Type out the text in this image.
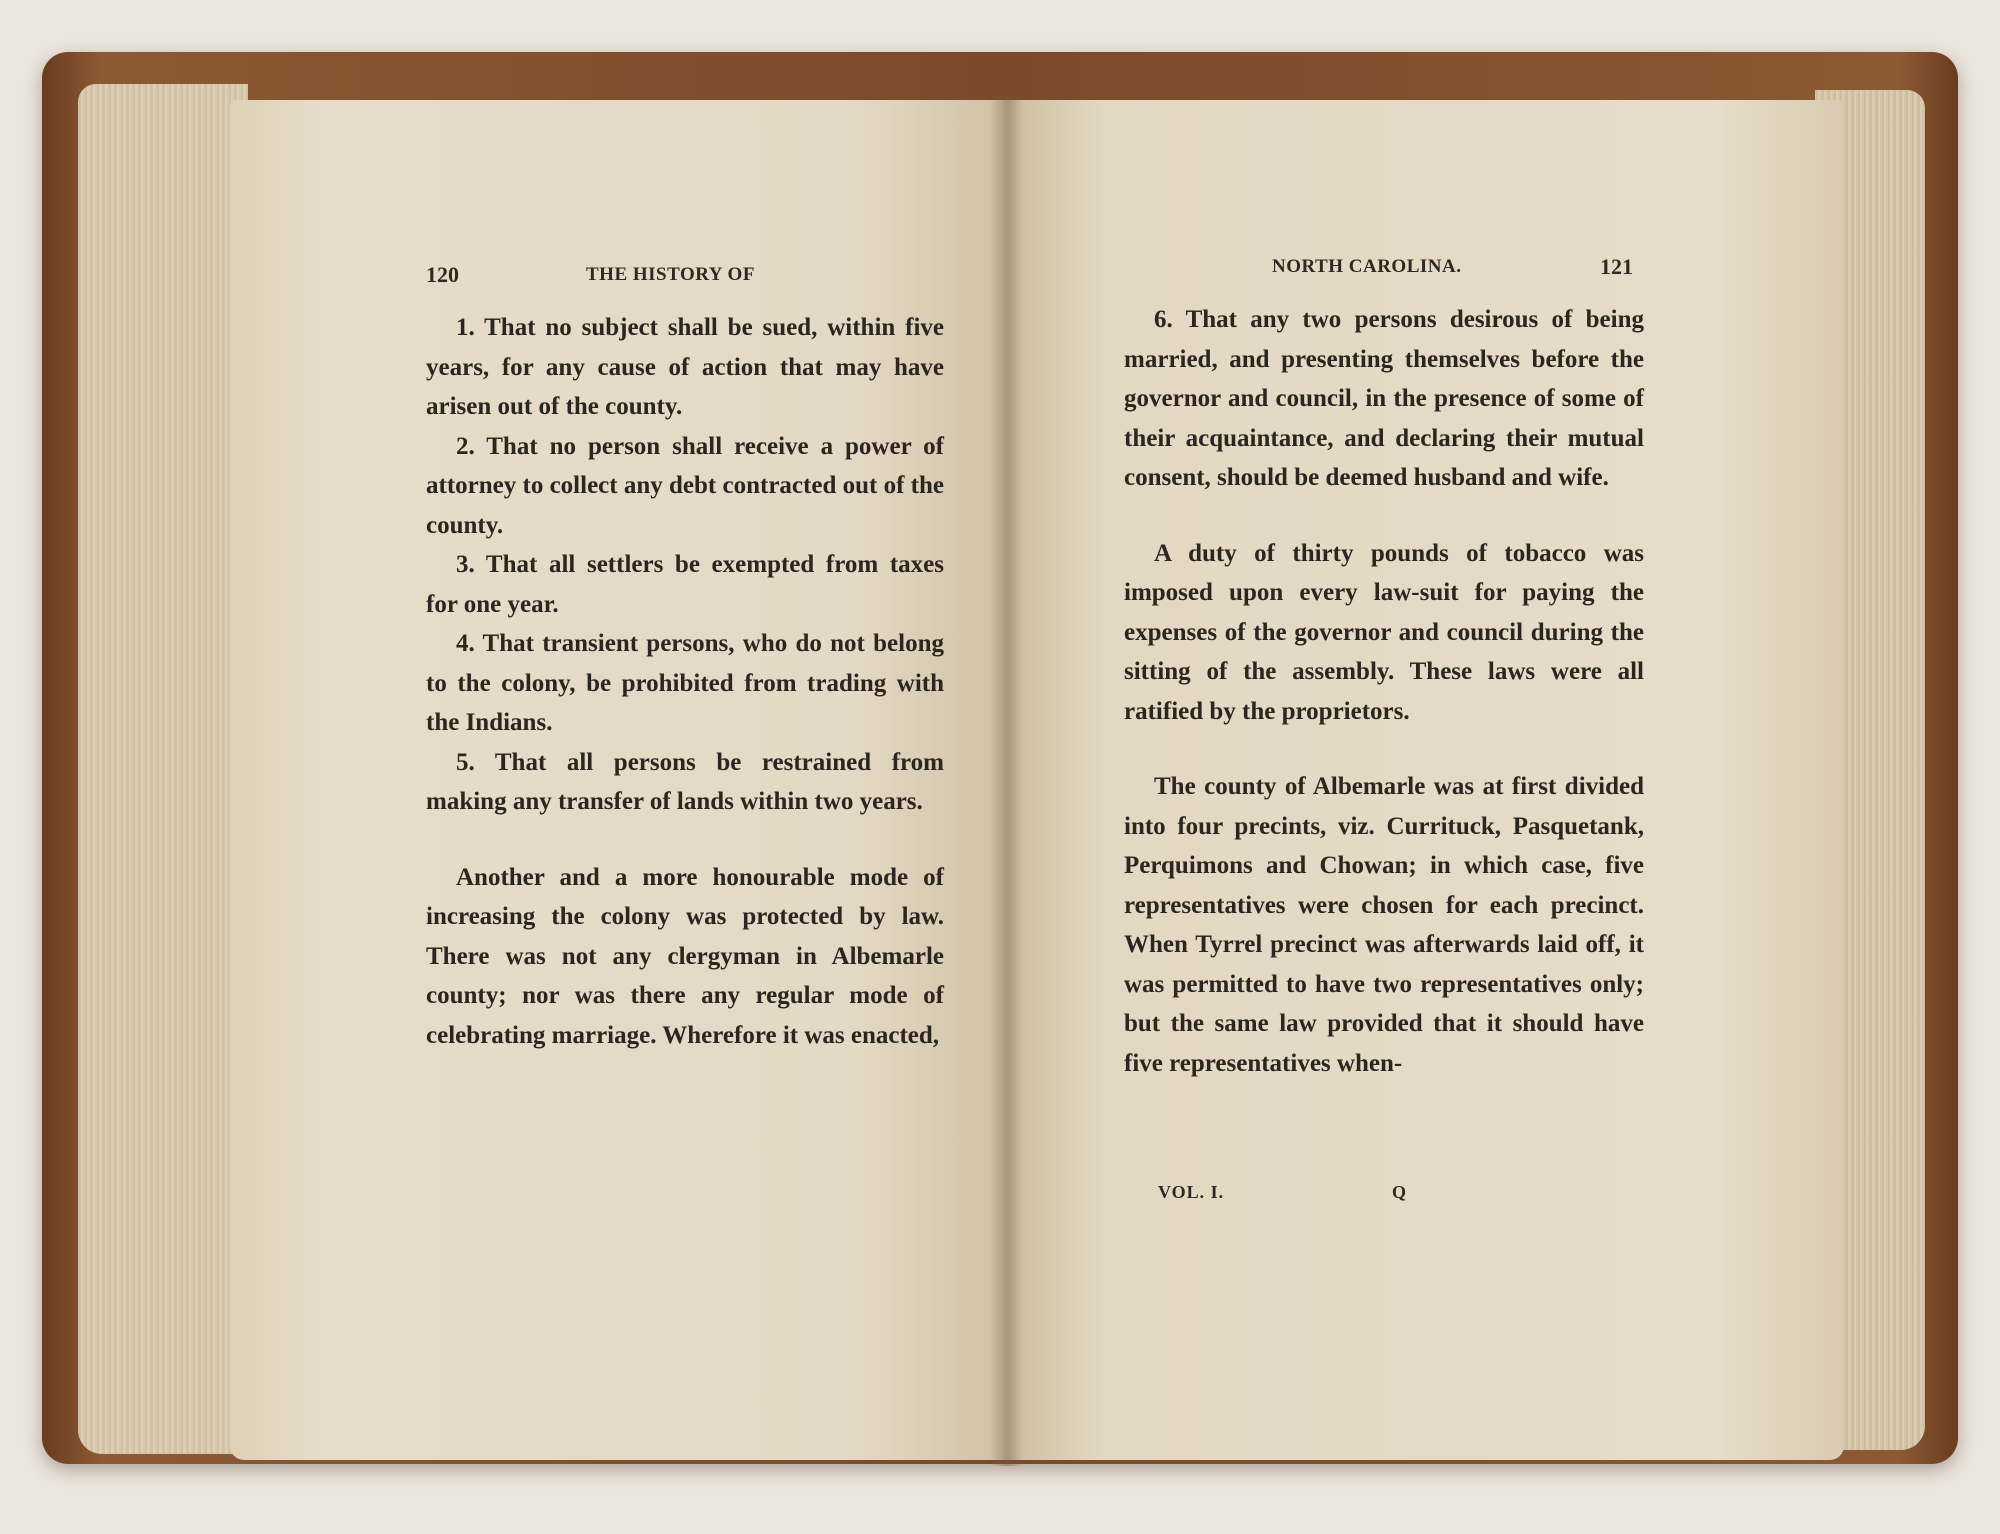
120	THE HISTORY OF

1. That no subject shall be sued, within five years, for any cause of action that may have arisen out of the county.

2. That no person shall receive a power of attorney to collect any debt contracted out of the county.

3. That all settlers be exempted from taxes for one year.

4. That transient persons, who do not belong to the colony, be prohibited from trading with the Indians.

5. That all persons be restrained from making any transfer of lands within two years.

Another and a more honourable mode of increasing the colony was protected by law. There was not any clergyman in Albemarle county; nor was there any regular mode of celebrating marriage. Wherefore it was enacted,

NORTH CAROLINA.	121

6. That any two persons desirous of being married, and presenting themselves before the governor and council, in the presence of some of their acquaintance, and declaring their mutual consent, should be deemed husband and wife.

A duty of thirty pounds of tobacco was imposed upon every law-suit for paying the expenses of the governor and council during the sitting of the assembly. These laws were all ratified by the proprietors.

The county of Albemarle was at first divided into four precints, viz. Currituck, Pasquetank, Perquimons and Chowan; in which case, five representatives were chosen for each precinct. When Tyrrel precinct was afterwards laid off, it was permitted to have two representatives only; but the same law provided that it should have five representatives when-

VOL. I.	Q
